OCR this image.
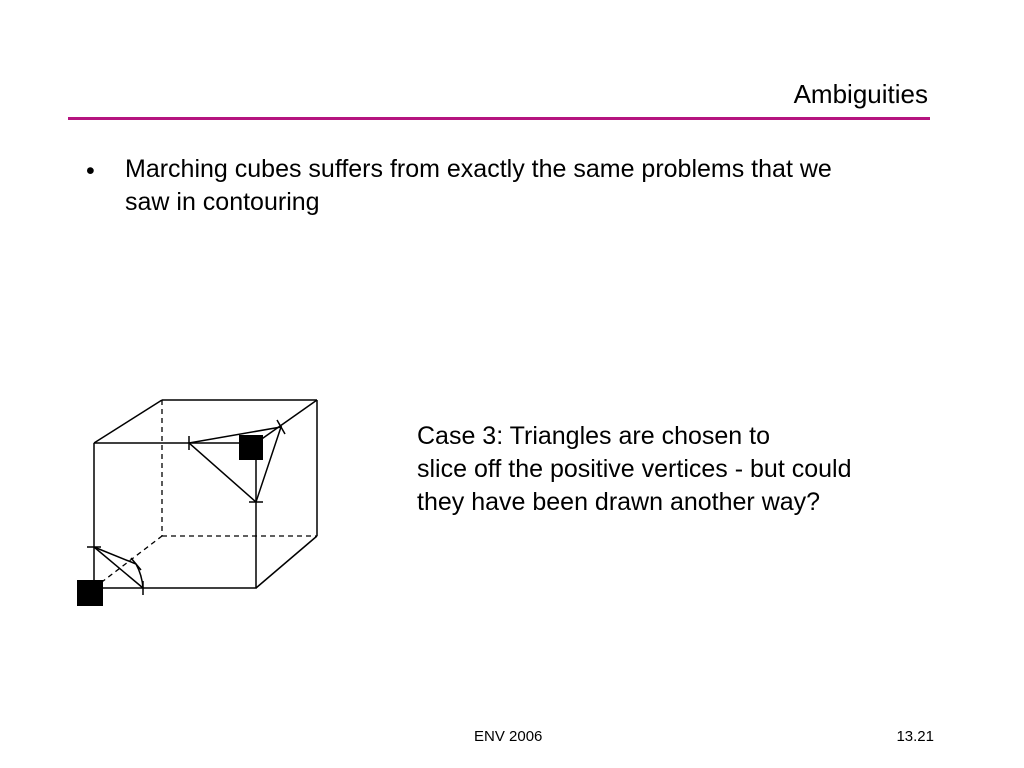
Ambiguities
• Marching cubes suffers from exactly the same problems that we
saw in contouring
Case 3: Triangles are chosen to
slice off the positive vertices - but could
they have been drawn another way?
ENV 2006	13.21
